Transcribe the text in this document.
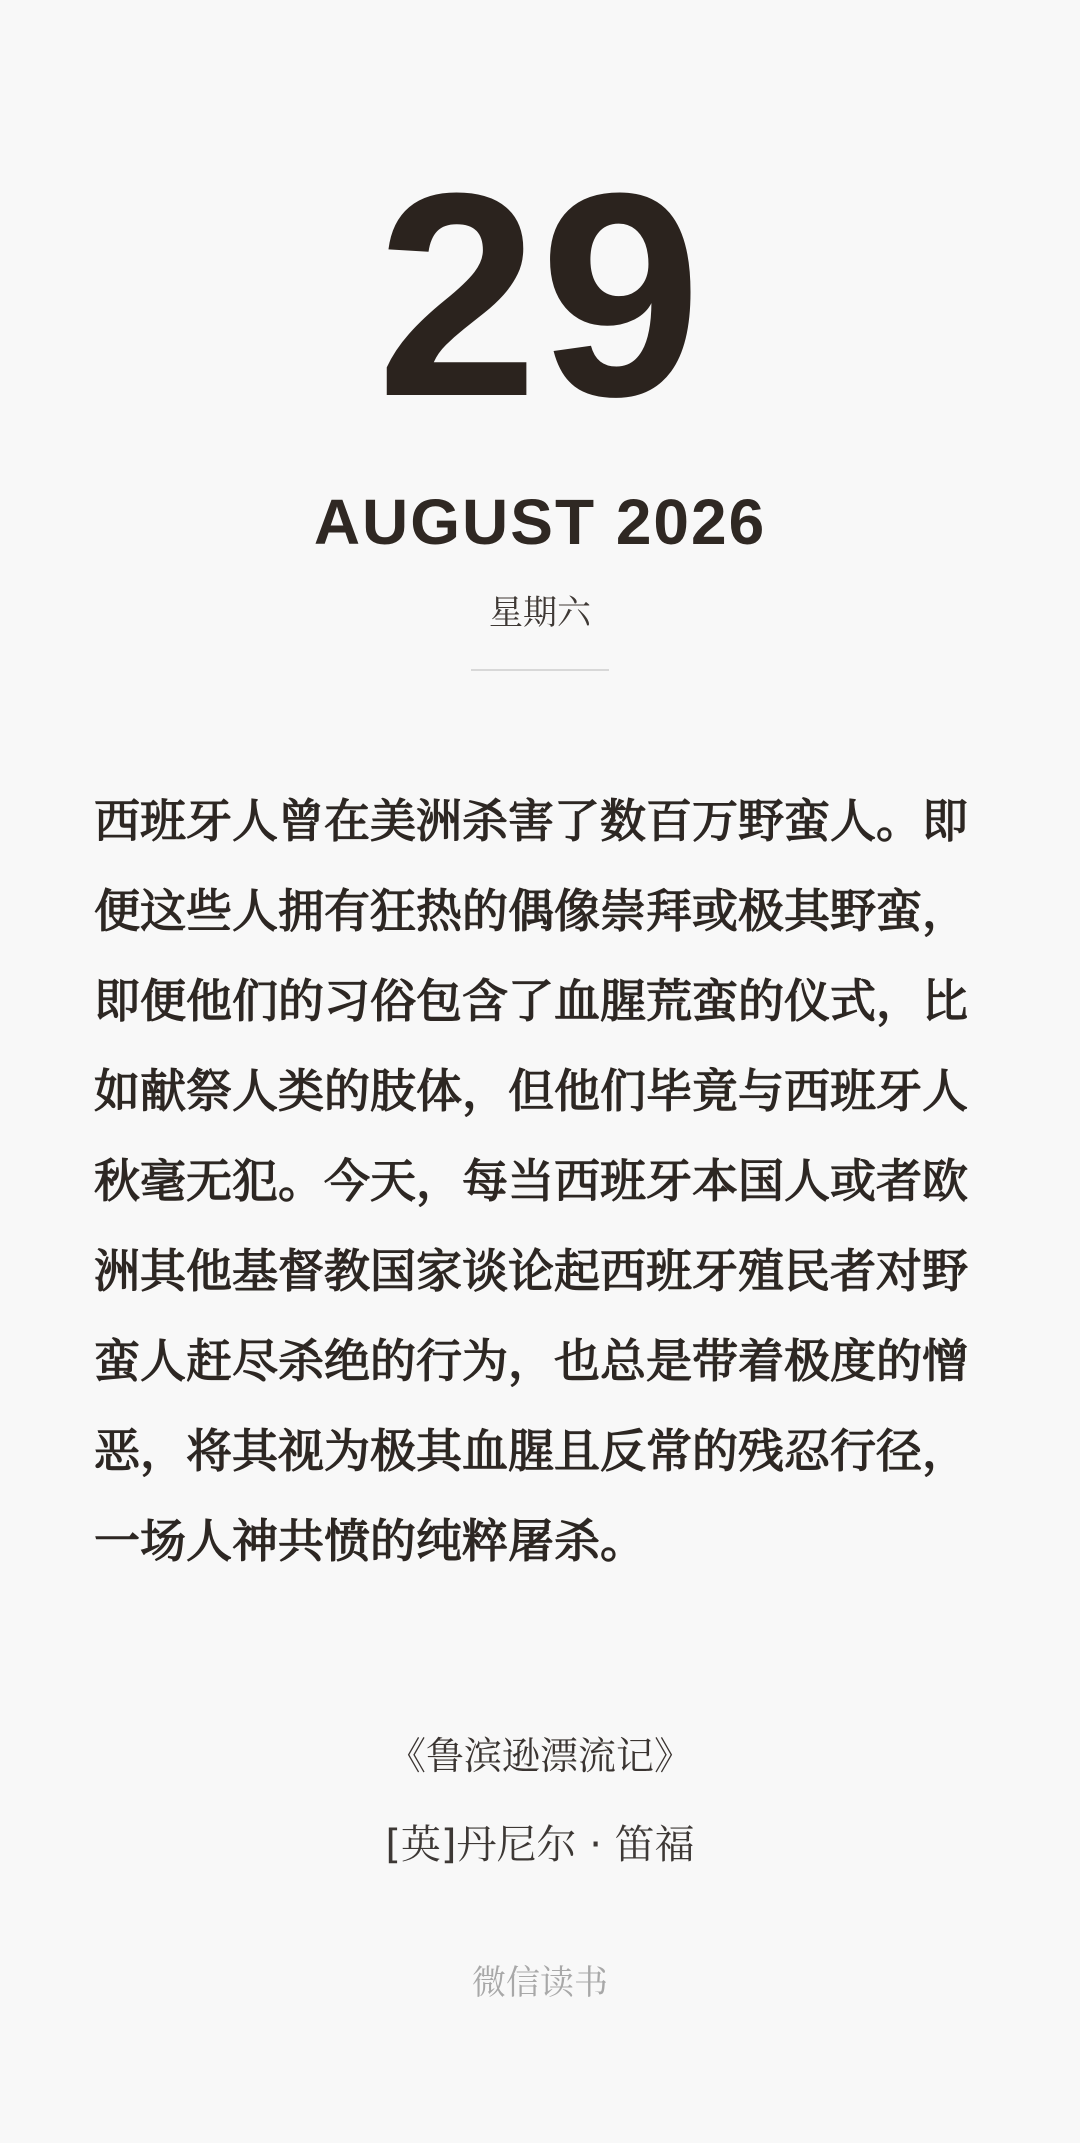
29
AUGUST 2026
星期六
西班牙人曾在美洲杀害了数百万野蛮人。即便这些人拥有狂热的偶像崇拜或极其野蛮，即便他们的习俗包含了血腥荒蛮的仪式，比如献祭人类的肢体，但他们毕竟与西班牙人秋毫无犯。今天，每当西班牙本国人或者欧洲其他基督教国家谈论起西班牙殖民者对野蛮人赶尽杀绝的行为，也总是带着极度的憎恶，将其视为极其血腥且反常的残忍行径，一场人神共愤的纯粹屠杀。
《鲁滨逊漂流记》
[英]丹尼尔 · 笛福
微信读书
